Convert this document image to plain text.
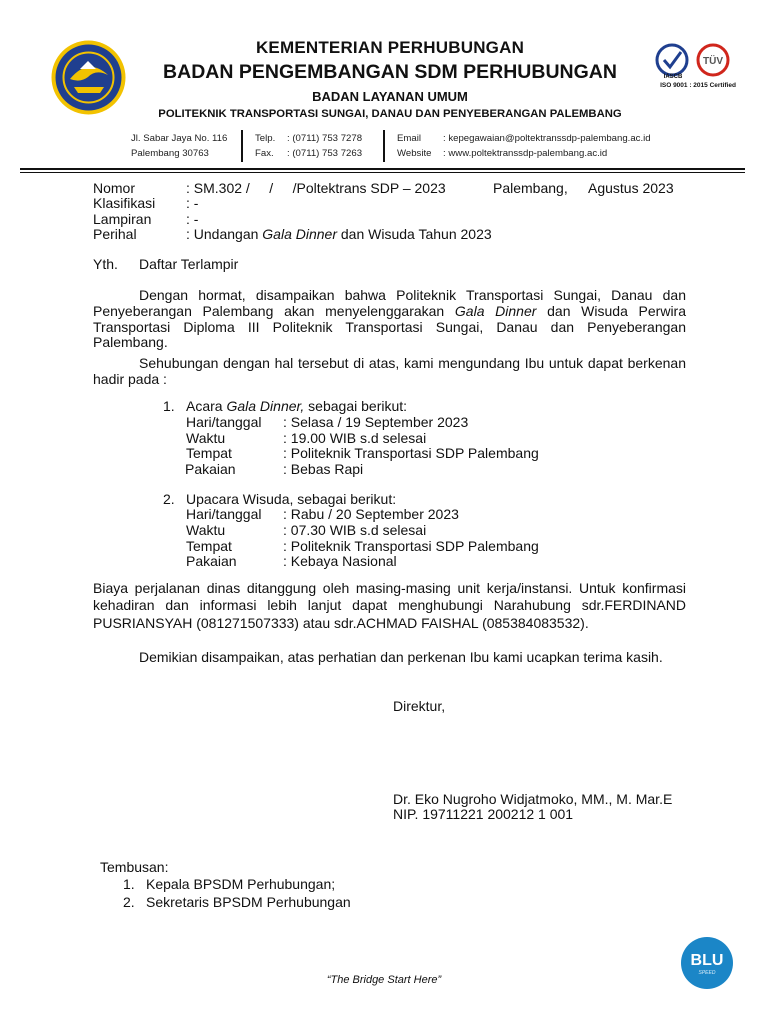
KEMENTERIAN PERHUBUNGAN
BADAN PENGEMBANGAN SDM PERHUBUNGAN
BADAN LAYANAN UMUM
POLITEKNIK TRANSPORTASI SUNGAI, DANAU DAN PENYEBERANGAN PALEMBANG
TÜV
IASCB
ISO 9001 : 2015 Certified
Jl. Sabar Jaya No. 116
Palembang 30763
Telp. : (0711) 753 7278
Fax. : (0711) 753 7263
Email : kepegawaian@poltektranssdp-palembang.ac.id
Website : www.poltektranssdp-palembang.ac.id
Nomor	: SM.302 /     /     /Poltektrans SDP – 2023	Palembang, Agustus 2023
Klasifikasi : -
Lampiran : -
Perihal	: Undangan Gala Dinner dan Wisuda Tahun 2023
Yth. Daftar Terlampir
Dengan hormat, disampaikan bahwa Politeknik Transportasi Sungai, Danau dan Penyeberangan Palembang akan menyelenggarakan Gala Dinner dan Wisuda Perwira Transportasi Diploma III Politeknik Transportasi Sungai, Danau dan Penyeberangan Palembang.
Sehubungan dengan hal tersebut di atas, kami mengundang Ibu untuk dapat berkenan hadir pada :
1. Acara Gala Dinner, sebagai berikut:
Hari/tanggal : Selasa / 19 September 2023
Waktu	: 19.00 WIB s.d selesai
Tempat	: Politeknik Transportasi SDP Palembang
Pakaian	: Bebas Rapi
2. Upacara Wisuda, sebagai berikut:
Hari/tanggal : Rabu / 20 September 2023
Waktu	: 07.30 WIB s.d selesai
Tempat	: Politeknik Transportasi SDP Palembang
Pakaian	: Kebaya Nasional
Biaya perjalanan dinas ditanggung oleh masing-masing unit kerja/instansi. Untuk konfirmasi kehadiran dan informasi lebih lanjut dapat menghubungi Narahubung sdr.FERDINAND PUSRIANSYAH (081271507333) atau sdr.ACHMAD FAISHAL (085384083532).
Demikian disampaikan, atas perhatian dan perkenan Ibu kami ucapkan terima kasih.
Direktur,
Dr. Eko Nugroho Widjatmoko, MM., M. Mar.E
NIP. 19711221 200212 1 001
Tembusan:
1. Kepala BPSDM Perhubungan;
2. Sekretaris BPSDM Perhubungan
BLU
SPEED
“The Bridge Start Here”
